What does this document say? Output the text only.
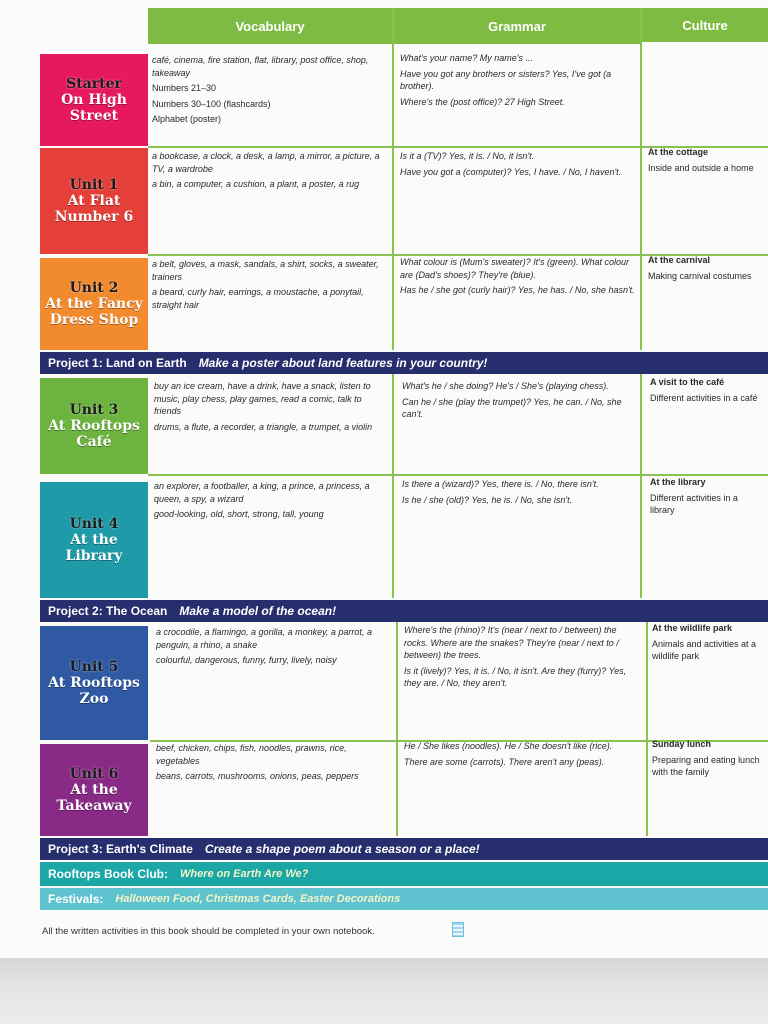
Vocabulary	Grammar	Culture
Starter
On High Street

café, cinema, fire station, flat, library, post office, shop, takeaway

Numbers 21–30

Numbers 30–100 (flashcards)

Alphabet (poster)

What's your name? My name's ...

Have you got any brothers or sisters? Yes, I've got (a brother).

Where's the (post office)? 27 High Street.

Unit 1
At Flat Number 6

a bookcase, a clock, a desk, a lamp, a mirror, a picture, a TV, a wardrobe

a bin, a computer, a cushion, a plant, a poster, a rug

Is it a (TV)? Yes, it is. / No, it isn't.

Have you got a (computer)? Yes, I have. / No, I haven't.

At the cottage
Inside and outside a home
Unit 2
At the Fancy Dress Shop

a belt, gloves, a mask, sandals, a shirt, socks, a sweater, trainers

a beard, curly hair, earrings, a moustache, a ponytail, straight hair

What colour is (Mum's sweater)? It's (green). What colour are (Dad's shoes)? They're (blue).

Has he / she got (curly hair)? Yes, he has. / No, she hasn't.

At the carnival
Making carnival costumes
Project 1: Land on Earth Make a poster about land features in your country!
Unit 3
At Rooftops Café

buy an ice cream, have a drink, have a snack, listen to music, play chess, play games, read a comic, talk to friends

drums, a flute, a recorder, a triangle, a trumpet, a violin

What's he / she doing? He's / She's (playing chess).

Can he / she (play the trumpet)? Yes, he can. / No, she can't.

A visit to the café
Different activities in a café
Unit 4
At the Library

an explorer, a footballer, a king, a prince, a princess, a queen, a spy, a wizard

good-looking, old, short, strong, tall, young

Is there a (wizard)? Yes, there is. / No, there isn't.

Is he / she (old)? Yes, he is. / No, she isn't.

At the library
Different activities in a library
Project 2: The Ocean Make a model of the ocean!
Unit 5
At Rooftops Zoo

a crocodile, a flamingo, a gorilla, a monkey, a parrot, a penguin, a rhino, a snake

colourful, dangerous, funny, furry, lively, noisy

Where's the (rhino)? It's (near / next to / between) the rocks. Where are the snakes? They're (near / next to / between) the trees.

Is it (lively)? Yes, it is. / No, it isn't. Are they (furry)? Yes, they are. / No, they aren't.

At the wildlife park
Animals and activities at a wildlife park
Unit 6
At the Takeaway

beef, chicken, chips, fish, noodles, prawns, rice, vegetables

beans, carrots, mushrooms, onions, peas, peppers

He / She likes (noodles). He / She doesn't like (rice).

There are some (carrots). There aren't any (peas).

Sunday lunch
Preparing and eating lunch with the family
Project 3: Earth's Climate Create a shape poem about a season or a place!
Rooftops Book Club: Where on Earth Are We?
Festivals: Halloween Food, Christmas Cards, Easter Decorations
All the written activities in this book should be completed in your own notebook.
